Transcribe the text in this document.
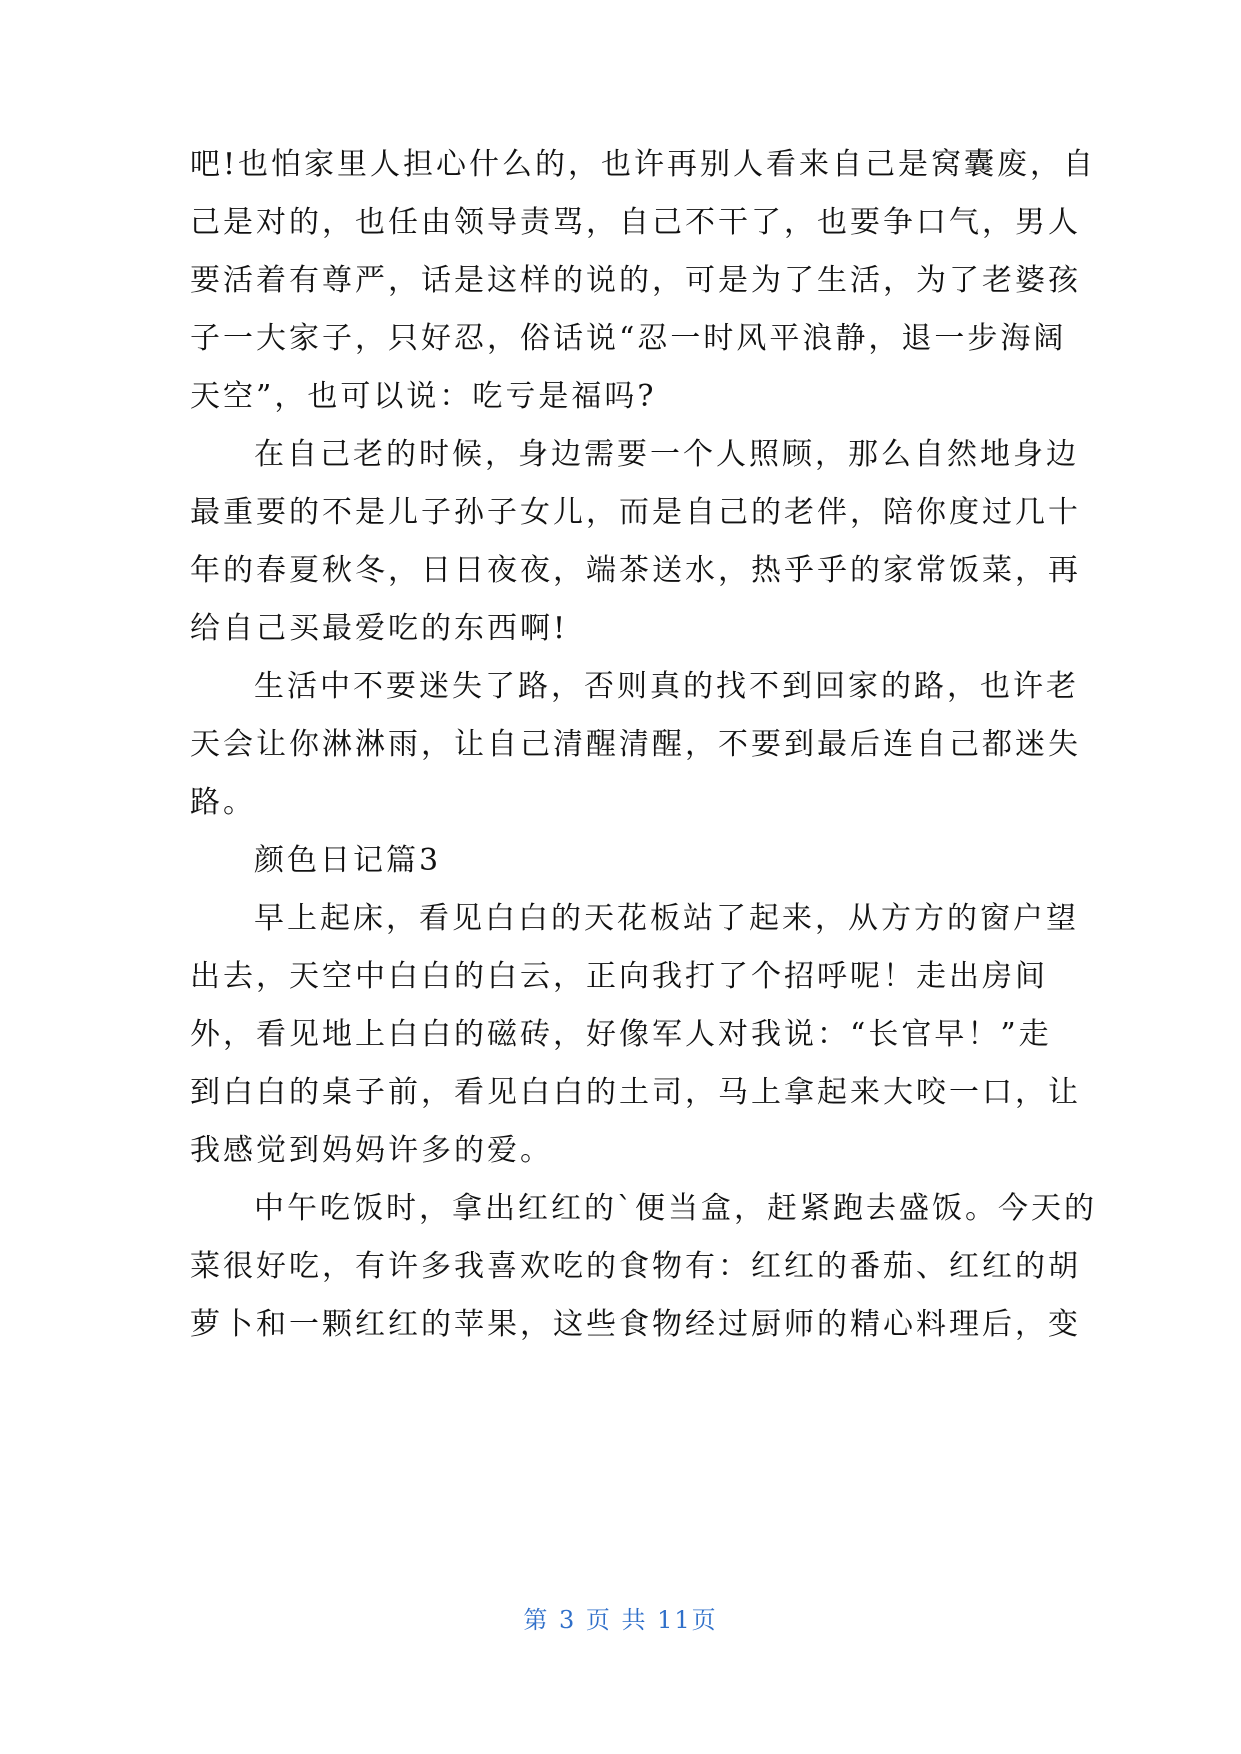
吧!也怕家里人担心什么的，也许再别人看来自己是窝囊废，自
己是对的，也任由领导责骂，自己不干了，也要争口气，男人
要活着有尊严，话是这样的说的，可是为了生活，为了老婆孩
子一大家子，只好忍，俗话说“忍一时风平浪静，退一步海阔
天空”，也可以说：吃亏是福吗?
在自己老的时候，身边需要一个人照顾，那么自然地身边
最重要的不是儿子孙子女儿，而是自己的老伴，陪你度过几十
年的春夏秋冬，日日夜夜，端茶送水，热乎乎的家常饭菜，再
给自己买最爱吃的东西啊!
生活中不要迷失了路，否则真的找不到回家的路，也许老
天会让你淋淋雨，让自己清醒清醒，不要到最后连自己都迷失
路。
颜色日记篇3
早上起床，看见白白的天花板站了起来，从方方的窗户望
出去，天空中白白的白云，正向我打了个招呼呢！走出房间
外，看见地上白白的磁砖，好像军人对我说：“长官早！”走
到白白的桌子前，看见白白的土司，马上拿起来大咬一口，让
我感觉到妈妈许多的爱。
中午吃饭时，拿出红红的`便当盒，赶紧跑去盛饭。今天的
菜很好吃，有许多我喜欢吃的食物有：红红的番茄、红红的胡
萝卜和一颗红红的苹果，这些食物经过厨师的精心料理后，变
第 3 页 共 11页
